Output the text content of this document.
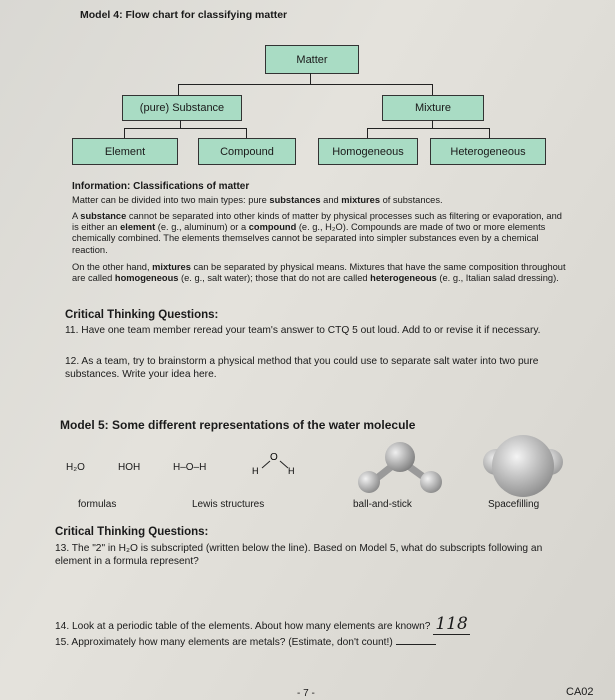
Model 4: Flow chart for classifying matter
Matter
(pure) Substance	Mixture
Element	Compound	Homogeneous	Heterogeneous
Information: Classifications of matter
Matter can be divided into two main types: pure substances and mixtures of substances.
A substance cannot be separated into other kinds of matter by physical processes such as filtering or evaporation, and is either an element (e. g., aluminum) or a compound (e. g., H₂O). Compounds are made of two or more elements chemically combined. The elements themselves cannot be separated into simpler substances even by a chemical reaction.
On the other hand, mixtures can be separated by physical means. Mixtures that have the same composition throughout are called homogeneous (e. g., salt water); those that do not are called heterogeneous (e. g., Italian salad dressing).
Critical Thinking Questions:
11. Have one team member reread your team's answer to CTQ 5 out loud. Add to or revise it if necessary.
12. As a team, try to brainstorm a physical method that you could use to separate salt water into two pure substances. Write your idea here.
Model 5: Some different representations of the water molecule
H₂O	HOH	H–O–H
O
H	H
formulas	Lewis structures	ball-and-stick	Spacefilling
Critical Thinking Questions:
13. The "2" in H₂O is subscripted (written below the line). Based on Model 5, what do subscripts following an element in a formula represent?
14. Look at a periodic table of the elements. About how many elements are known? 118
15. Approximately how many elements are metals? (Estimate, don't count!)
- 7 -	CA02
